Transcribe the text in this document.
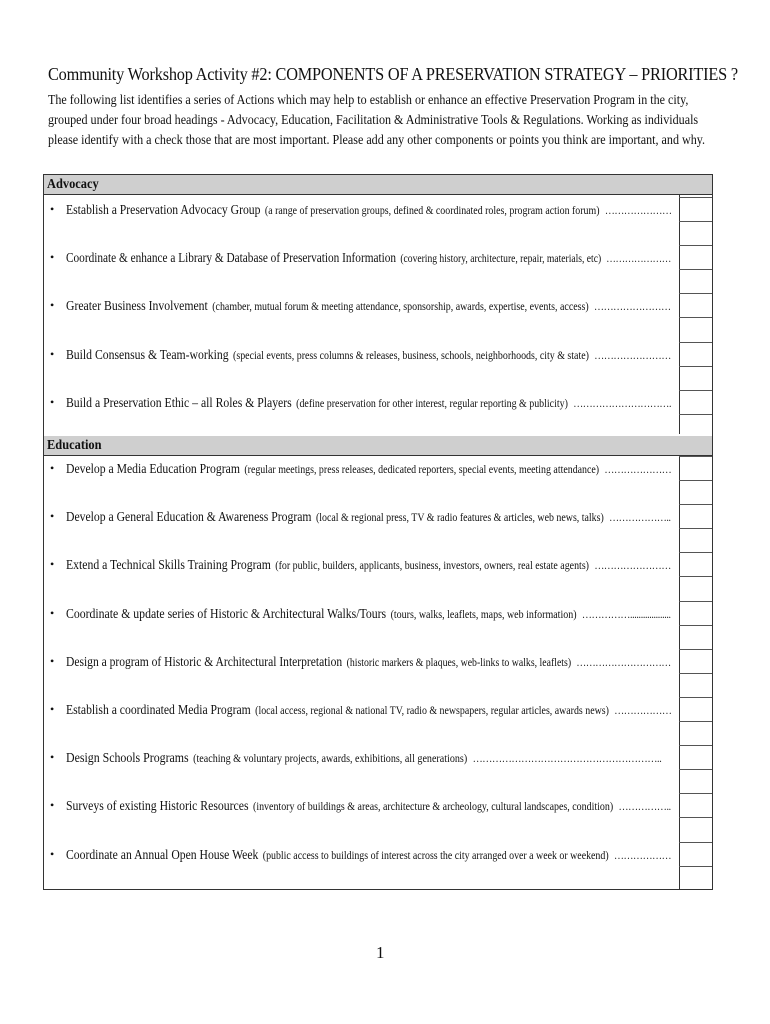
Community Workshop Activity #2: COMPONENTS OF A PRESERVATION STRATEGY – PRIORITIES ?
The following list identifies a series of Actions which may help to establish or enhance an effective Preservation Program in the city, grouped under four broad headings - Advocacy, Education, Facilitation & Administrative Tools & Regulations. Working as individuals please identify with a check those that are most important. Please add any other components or points you think are important, and why.
Advocacy
• Establish a Preservation Advocacy Group (a range of preservation groups, defined & coordinated roles, program action forum) …………………
• Coordinate & enhance a Library & Database of Preservation Information (covering history, architecture, repair, materials, etc) …………………
• Greater Business Involvement (chamber, mutual forum & meeting attendance, sponsorship, awards, expertise, events, access) ……………………
• Build Consensus & Team-working (special events, press columns & releases, business, schools, neighborhoods, city & state) ……………………
• Build a Preservation Ethic – all Roles & Players (define preservation for other interest, regular reporting & publicity) ………………………….
Education
• Develop a Media Education Program (regular meetings, press releases, dedicated reporters, special events, meeting attendance) …………………
• Develop a General Education & Awareness Program (local & regional press, TV & radio features & articles, web news, talks) ………………..
• Extend a Technical Skills Training Program (for public, builders, applicants, business, investors, owners, real estate agents) ……………………
• Coordinate & update series of Historic & Architectural Walks/Tours (tours, walks, leaflets, maps, web information) ……………...................
• Design a program of Historic & Architectural Interpretation (historic markers & plaques, web-links to walks, leaflets) …………………………
• Establish a coordinated Media Program (local access, regional & national TV, radio & newspapers, regular articles, awards news) ………………
• Design Schools Programs (teaching & voluntary projects, awards, exhibitions, all generations) …………………………………………………..
• Surveys of existing Historic Resources (inventory of buildings & areas, architecture & archeology, cultural landscapes, condition) ……………..
• Coordinate an Annual Open House Week (public access to buildings of interest across the city arranged over a week or weekend) ………………
1
